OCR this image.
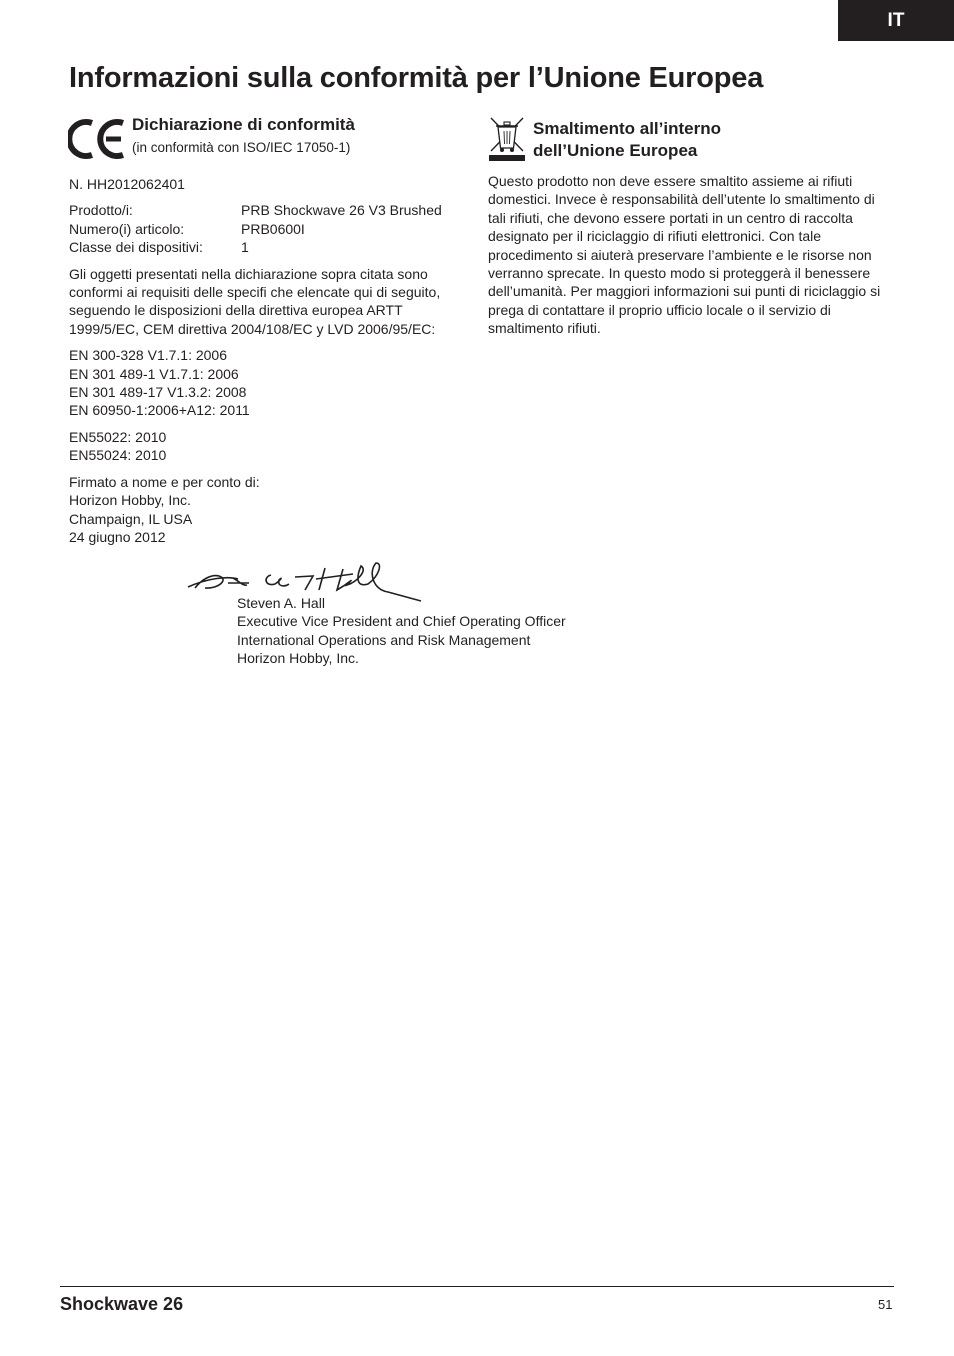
IT
Informazioni sulla conformità per l’Unione Europea
Dichiarazione di conformità
(in conformità con ISO/IEC 17050-1)

N. HH2012062401

Prodotto/i:	PRB Shockwave 26 V3 Brushed
Numero(i) articolo:	PRB0600I
Classe dei dispositivi:	1

Gli oggetti presentati nella dichiarazione sopra citata sono conformi ai requisiti delle specifi che elencate qui di seguito, seguendo le disposizioni della direttiva europea ARTT 1999/5/EC, CEM direttiva 2004/108/EC y LVD 2006/95/EC:

EN 300-328 V1.7.1: 2006
EN 301 489-1 V1.7.1: 2006
EN 301 489-17 V1.3.2: 2008
EN 60950-1:2006+A12: 2011

EN55022: 2010
EN55024: 2010

Firmato a nome e per conto di:
Horizon Hobby, Inc.
Champaign, IL USA
24 giugno 2012

Steven A. Hall
Executive Vice President and Chief Operating Officer
International Operations and Risk Management
Horizon Hobby, Inc.
Smaltimento all’interno
dell’Unione Europea
Questo prodotto non deve essere smaltito assieme ai rifiuti domestici. Invece è responsabilità dell’utente lo smaltimento di tali rifiuti, che devono essere portati in un centro di raccolta designato per il riciclaggio di rifiuti elettronici. Con tale procedimento si aiuterà preservare l’ambiente e le risorse non verranno sprecate. In questo modo si proteggerà il benessere dell’umanità. Per maggiori informazioni sui punti di riciclaggio si prega di contattare il proprio ufficio locale o il servizio di smaltimento rifiuti.
Shockwave 26	51
